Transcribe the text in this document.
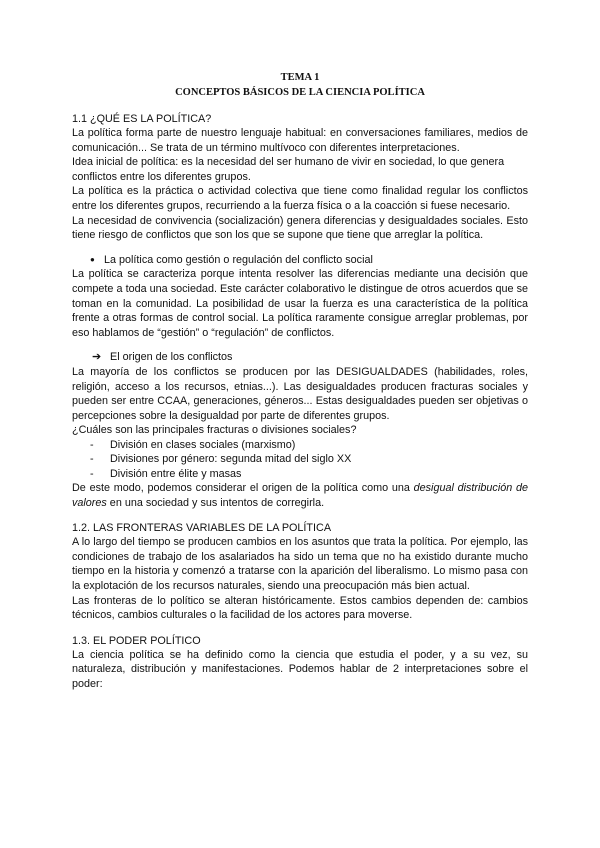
TEMA 1
CONCEPTOS BÁSICOS DE LA CIENCIA POLÍTICA
1.1 ¿QUÉ ES LA POLÍTICA?

La política forma parte de nuestro lenguaje habitual: en conversaciones familiares, medios de comunicación... Se trata de un término multívoco con diferentes interpretaciones.

Idea inicial de política: es la necesidad del ser humano de vivir en sociedad, lo que genera conflictos entre los diferentes grupos.

La política es la práctica o actividad colectiva que tiene como finalidad regular los conflictos entre los diferentes grupos, recurriendo a la fuerza física o a la coacción si fuese necesario.

La necesidad de convivencia (socialización) genera diferencias y desigualdades sociales. Esto tiene riesgo de conflictos que son los que se supone que tiene que arreglar la política.

● La política como gestión o regulación del conflicto social

La política se caracteriza porque intenta resolver las diferencias mediante una decisión que compete a toda una sociedad. Este carácter colaborativo le distingue de otros acuerdos que se toman en la comunidad. La posibilidad de usar la fuerza es una característica de la política frente a otras formas de control social. La política raramente consigue arreglar problemas, por eso hablamos de “gestión” o “regulación” de conflictos.

➔ El origen de los conflictos

La mayoría de los conflictos se producen por las DESIGUALDADES (habilidades, roles, religión, acceso a los recursos, etnias...). Las desigualdades producen fracturas sociales y pueden ser entre CCAA, generaciones, géneros... Estas desigualdades pueden ser objetivas o percepciones sobre la desigualdad por parte de diferentes grupos.

¿Cuáles son las principales fracturas o divisiones sociales?

- División en clases sociales (marxismo)
- Divisiones por género: segunda mitad del siglo XX
- División entre élite y masas

De este modo, podemos considerar el origen de la política como una desigual distribución de valores en una sociedad y sus intentos de corregirla.

1.2. LAS FRONTERAS VARIABLES DE LA POLÍTICA

A lo largo del tiempo se producen cambios en los asuntos que trata la política. Por ejemplo, las condiciones de trabajo de los asalariados ha sido un tema que no ha existido durante mucho tiempo en la historia y comenzó a tratarse con la aparición del liberalismo. Lo mismo pasa con la explotación de los recursos naturales, siendo una preocupación más bien actual.

Las fronteras de lo político se alteran históricamente. Estos cambios dependen de: cambios técnicos, cambios culturales o la facilidad de los actores para moverse.

1.3. EL PODER POLÍTICO

La ciencia política se ha definido como la ciencia que estudia el poder, y a su vez, su naturaleza, distribución y manifestaciones. Podemos hablar de 2 interpretaciones sobre el poder:
